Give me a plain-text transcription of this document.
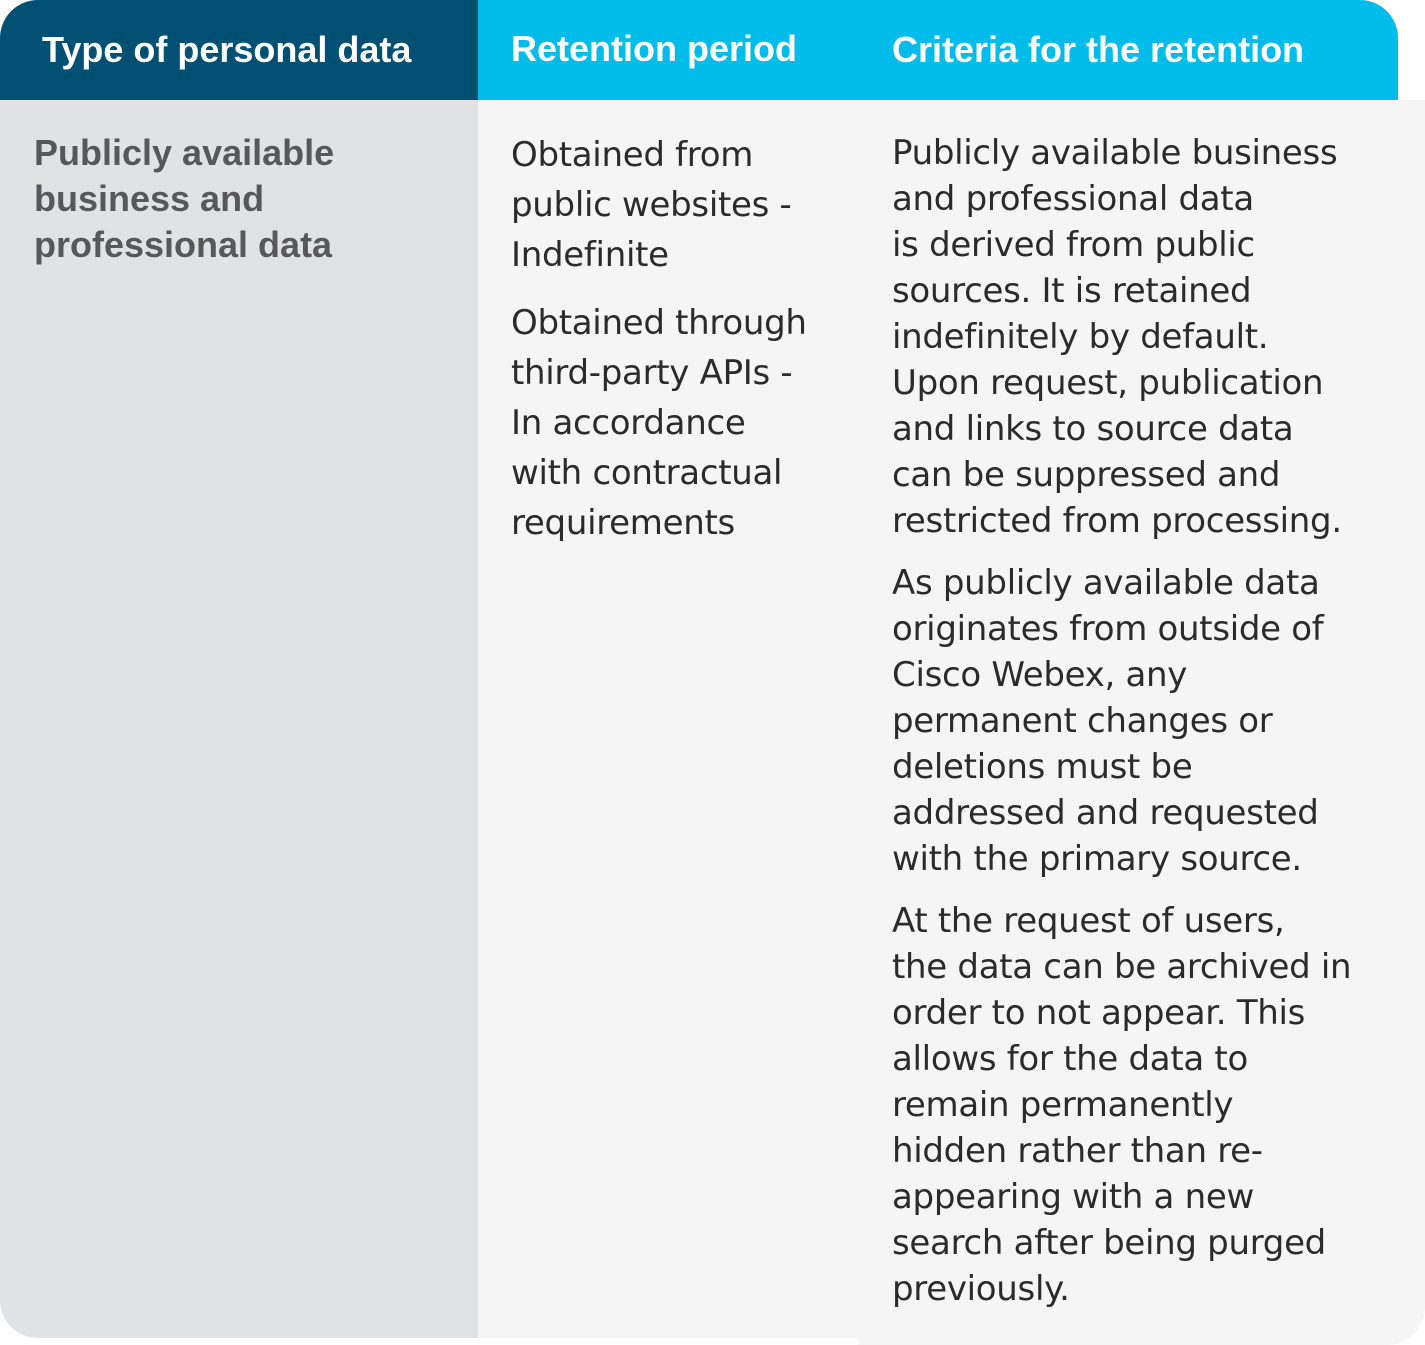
Type of personal data	Retention period	Criteria for the retention

Publicly available
business and
professional data

Obtained from
public websites -
Indefinite

Obtained through
third-party APIs -
In accordance
with contractual
requirements

Publicly available business
and professional data
is derived from public
sources. It is retained
indefinitely by default.
Upon request, publication
and links to source data
can be suppressed and
restricted from processing.

As publicly available data
originates from outside of
Cisco Webex, any
permanent changes or
deletions must be
addressed and requested
with the primary source.

At the request of users,
the data can be archived in
order to not appear. This
allows for the data to
remain permanently
hidden rather than re-
appearing with a new
search after being purged
previously.
